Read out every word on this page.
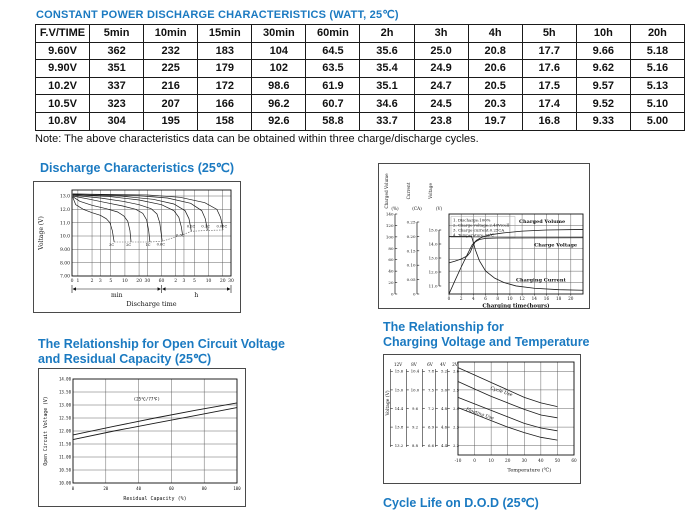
CONSTANT POWER DISCHARGE CHARACTERISTICS (WATT, 25℃)
F.V/TIME	5min	10min	15min	30min	60min	2h	3h	4h	5h	10h	20h
9.60V	362	232	183	104	64.5	35.6	25.0	20.8	17.7	9.66	5.18
9.90V	351	225	179	102	63.5	35.4	24.9	20.6	17.6	9.62	5.16
10.2V	337	216	172	98.6	61.9	35.1	24.7	20.5	17.5	9.57	5.13
10.5V	323	207	166	96.2	60.7	34.6	24.5	20.3	17.4	9.52	5.10
10.8V	304	195	158	92.6	58.8	33.7	23.8	19.7	16.8	9.33	5.00
Note: The above characteristics data can be obtained within three charge/discharge cycles.
Discharge Characteristics (25℃)
13.0
12.0
11.0
10.0
9.00
8.00
7.00
0 1	2 3 5 10 20 30 60 2 3 5 10 20 30
3C	2C	1C 0.6C
0.3C
0.2C 0.1C 0.05C
min	h
Discharge time
Voltage (V)
Charged Volume (%)
140
120
100
80
60
40
20
0
Current
(CA)
0.25
0.20
0.15
0.10
0.05
0
Voltage
(V)
15.0
14.0
13.0
12.0
11.0
0 2 4 6 8 10 12 14 16 18 20
Charging time(hours)
1. Discharge:100%
2. Charge voltage:2.40V/cell
3. Charge current:0.25CA
4. Temperature:25℃
Charged Volume
Charge Voltage
Charging Current
The Relationship for
Charging Voltage and Temperature
12V
15.6
15.0
14.4
13.8
13.2
8V
10.4
10.0
9.6
9.2
8.8
6V
7.8
7.5
7.2
6.9
6.6
4V
5.2
5.0
4.8
4.6
4.4
2V
2.6
2.5
2.4
2.3
2.2
-10	0	10	20	30	40	50	60
Temperature (℃)
Voltage (V)	Cycle Use
Floating Use
The Relationship for Open Circuit Voltage
and Residual Capacity (25℃)
14.00
13.50
13.00
12.50
12.00
11.50
11.00
10.50
10.00
0	20	40	60	80	100
(25℃/77℉)
Open Circuit Voltage (V)
Residual Capacity (%)	Cycle Life on D.O.D (25℃)
